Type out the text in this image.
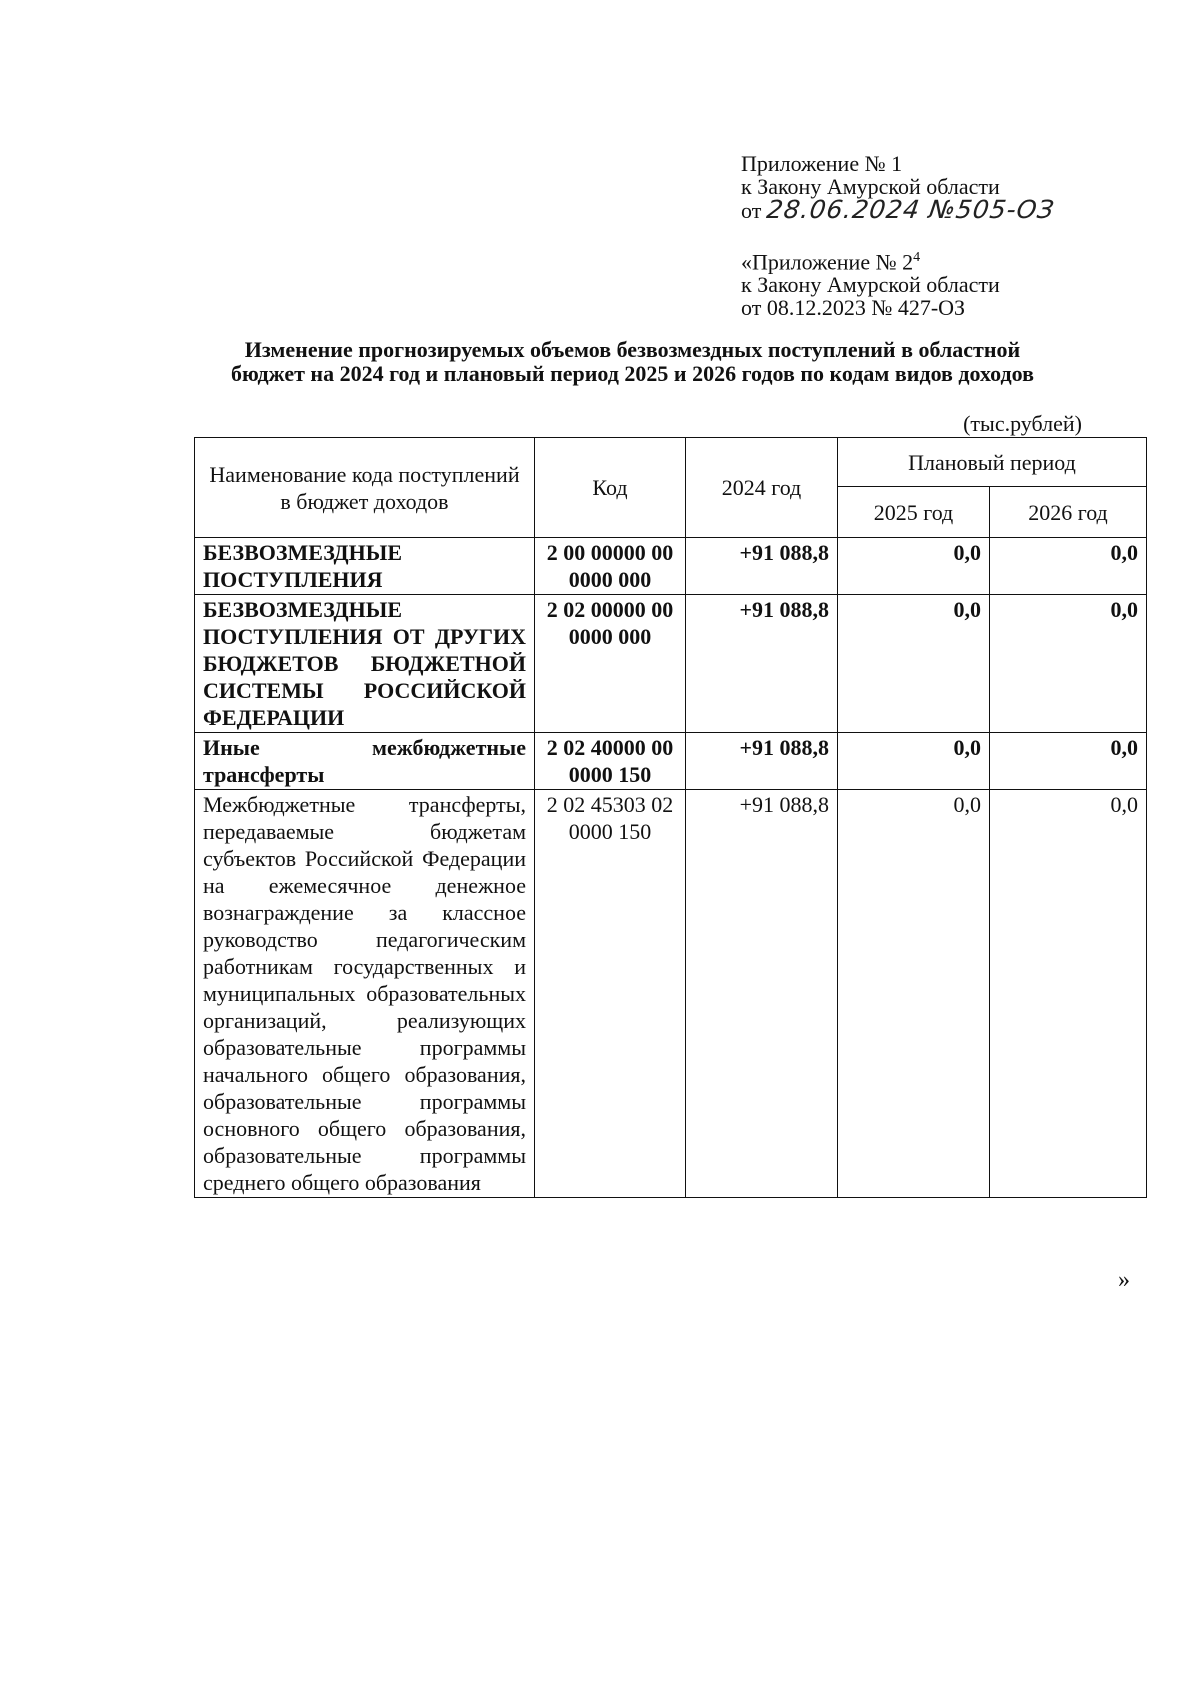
Приложение № 1
к Закону Амурской области
от 28.06.2024 №505-ОЗ
«Приложение № $2^4$
к Закону Амурской области
от 08.12.2023 № 427-ОЗ
Изменение прогнозируемых объемов безвозмездных поступлений в областной
бюджет на 2024 год и плановый период 2025 и 2026 годов по кодам видов доходов
(тыс.рублей)
Наименование кода поступлений в бюджет доходов	Код	2024 год	Плановый период	
			2025 год	2026 год
БЕЗВОЗМЕЗДНЫЕ ПОСТУПЛЕНИЯ	2 00 00000 00 0000 000	+91 088,8	0,0	0,0
БЕЗВОЗМЕЗДНЫЕ ПОСТУПЛЕНИЯ ОТ ДРУГИХ БЮДЖЕТОВ БЮДЖЕТНОЙ СИСТЕМЫ РОССИЙСКОЙ ФЕДЕРАЦИИ	2 02 00000 00 0000 000	+91 088,8	0,0	0,0
Иные межбюджетные трансферты	2 02 40000 00 0000 150	+91 088,8	0,0	0,0
Межбюджетные трансферты, передаваемые бюджетам субъектов Российской Федерации на ежемесячное денежное вознаграждение за классное руководство педагогическим работникам государственных и муниципальных образовательных организаций, реализующих образовательные программы начального общего образования, образовательные программы основного общего образования, образовательные программы среднего общего образования	2 02 45303 02 0000 150	+91 088,8	0,0	0,0
»
